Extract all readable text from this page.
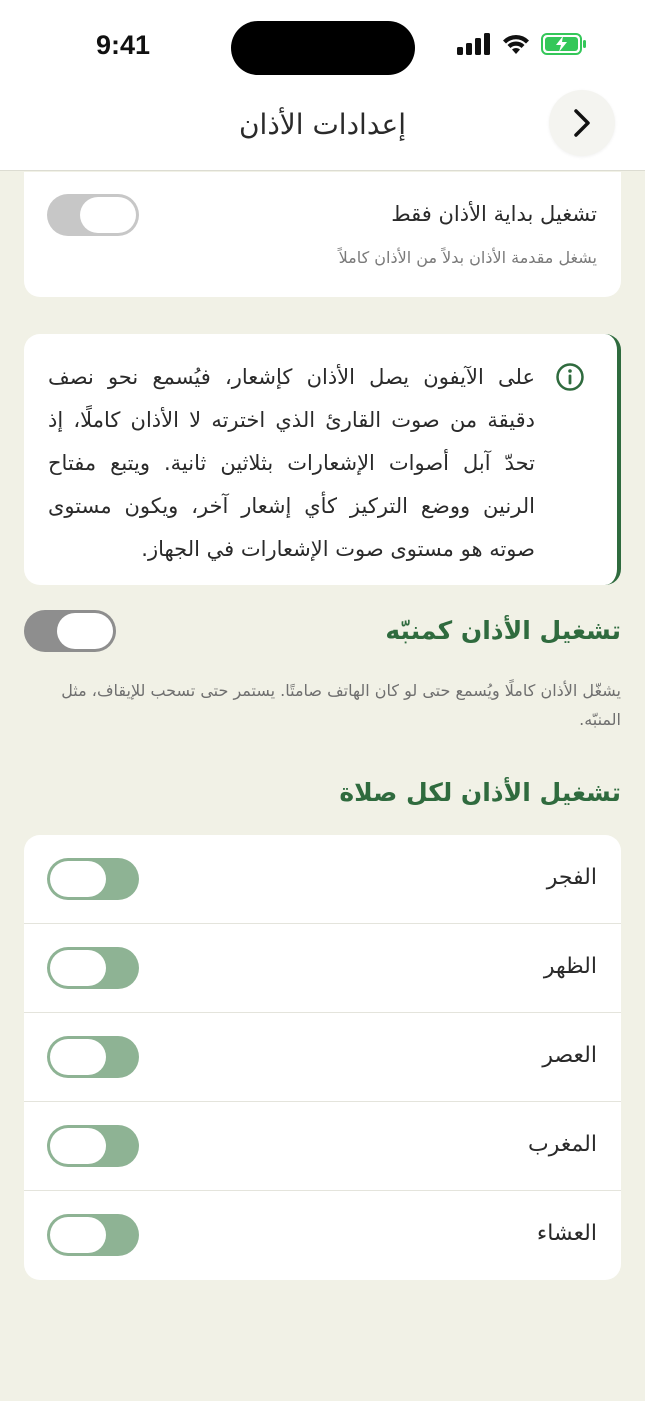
9:41
إعدادات الأذان
تشغيل بداية الأذان فقط
يشغل مقدمة الأذان بدلاً من الأذان كاملاً
على الآيفون يصل الأذان كإشعار، فيُسمع نحو نصف دقيقة من صوت القارئ الذي اخترته لا الأذان كاملًا، إذ تحدّ آبل أصوات الإشعارات بثلاثين ثانية. ويتبع مفتاح الرنين ووضع التركيز كأي إشعار آخر، ويكون مستوى صوته هو مستوى صوت الإشعارات في الجهاز.
تشغيل الأذان كمنبّه
يشغّل الأذان كاملًا ويُسمع حتى لو كان الهاتف صامتًا. يستمر حتى تسحب للإيقاف، مثل المنبّه.
تشغيل الأذان لكل صلاة
الفجر
الظهر
العصر
المغرب
العشاء
